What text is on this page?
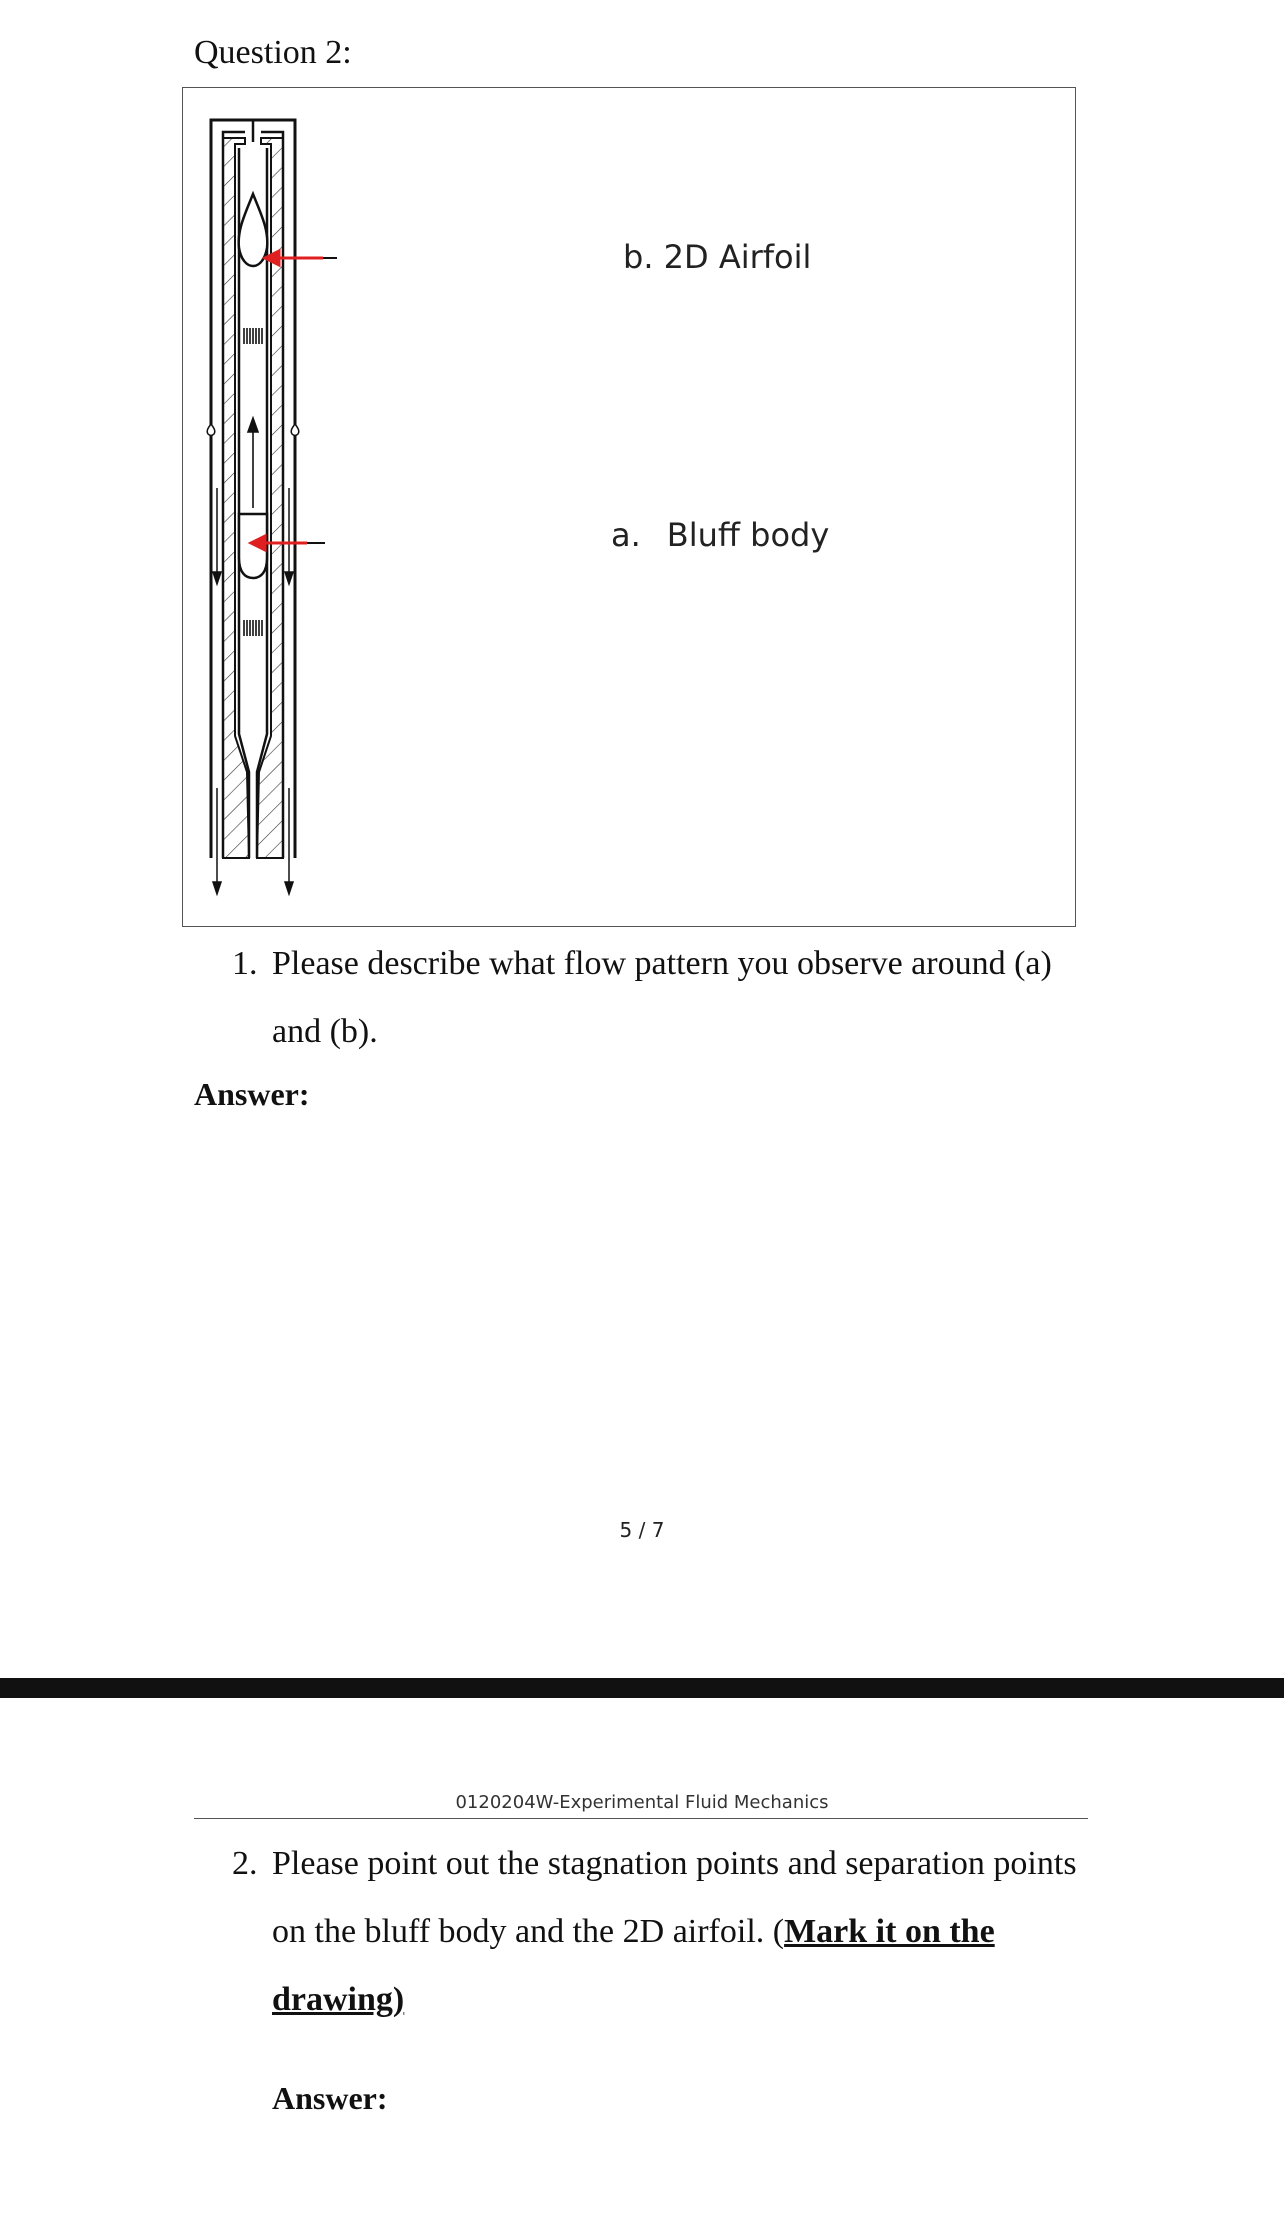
Question 2:
b. 2D Airfoil
a. Bluff body
1. Please describe what flow pattern you observe around (a)
and (b).
Answer:
5 / 7
0120204W-Experimental Fluid Mechanics
2. Please point out the stagnation points and separation points
on the bluff body and the 2D airfoil. (Mark it on the
drawing)
Answer:
